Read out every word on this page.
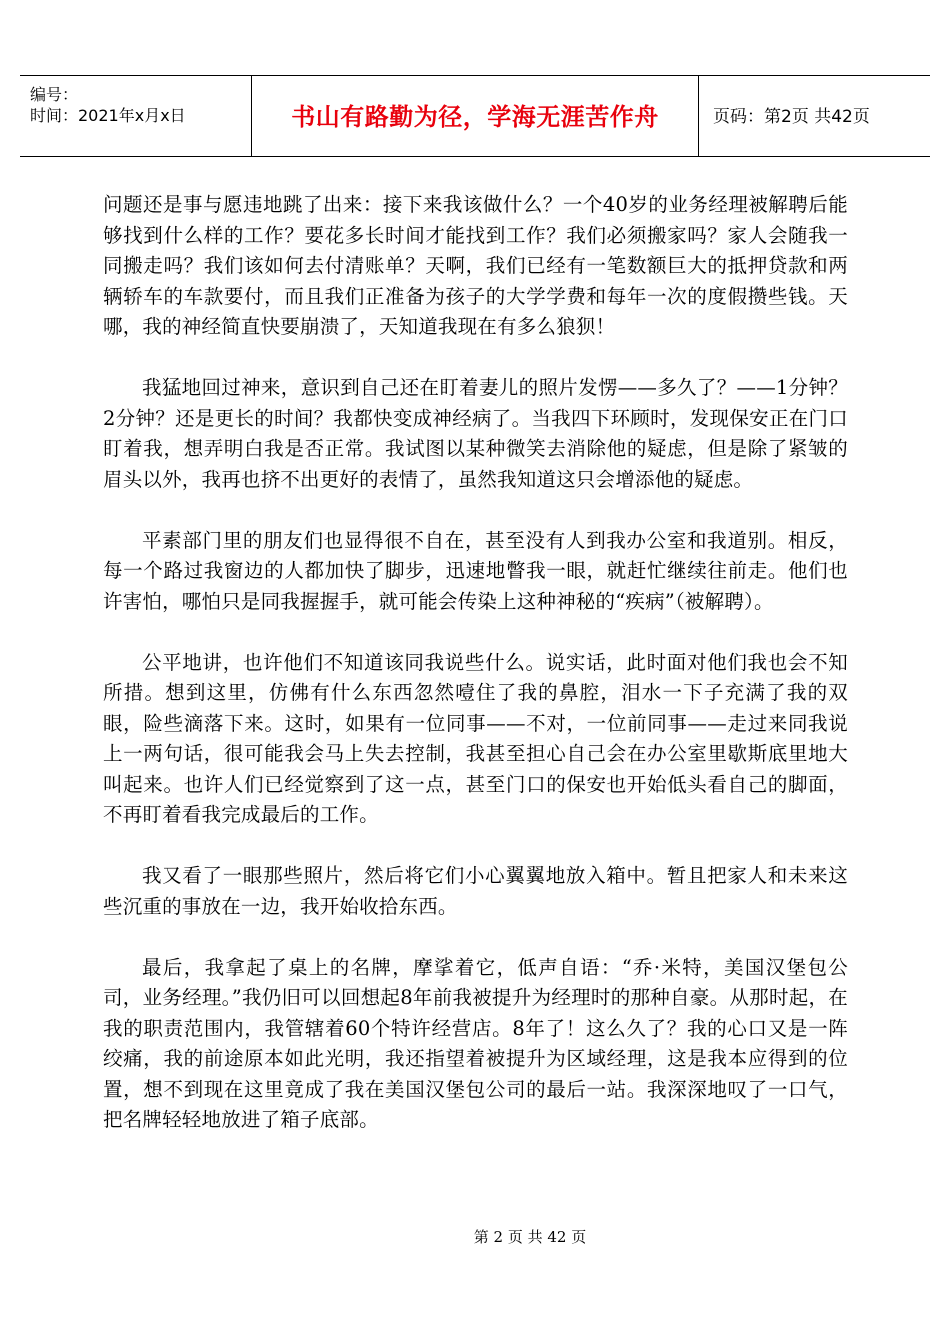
编号：
时间：2021年x月x日	书山有路勤为径，学海无涯苦作舟	页码：第2页 共42页

问题还是事与愿违地跳了出来：接下来我该做什么？一个40岁的业务经理被解聘后能够找到什么样的工作？要花多长时间才能找到工作？我们必须搬家吗？家人会随我一同搬走吗？我们该如何去付清账单？天啊，我们已经有一笔数额巨大的抵押贷款和两辆轿车的车款要付，而且我们正准备为孩子的大学学费和每年一次的度假攒些钱。天哪，我的神经简直快要崩溃了，天知道我现在有多么狼狈！

我猛地回过神来，意识到自己还在盯着妻儿的照片发愣——多久了？——1分钟？2分钟？还是更长的时间？我都快变成神经病了。当我四下环顾时，发现保安正在门口盯着我，想弄明白我是否正常。我试图以某种微笑去消除他的疑虑，但是除了紧皱的眉头以外，我再也挤不出更好的表情了，虽然我知道这只会增添他的疑虑。

平素部门里的朋友们也显得很不自在，甚至没有人到我办公室和我道别。相反，每一个路过我窗边的人都加快了脚步，迅速地瞥我一眼，就赶忙继续往前走。他们也许害怕，哪怕只是同我握握手，就可能会传染上这种神秘的“疾病”（被解聘）。

公平地讲，也许他们不知道该同我说些什么。说实话，此时面对他们我也会不知所措。想到这里，仿佛有什么东西忽然噎住了我的鼻腔，泪水一下子充满了我的双眼，险些滴落下来。这时，如果有一位同事——不对，一位前同事——走过来同我说上一两句话，很可能我会马上失去控制，我甚至担心自己会在办公室里歇斯底里地大叫起来。也许人们已经觉察到了这一点，甚至门口的保安也开始低头看自己的脚面，不再盯着看我完成最后的工作。

我又看了一眼那些照片，然后将它们小心翼翼地放入箱中。暂且把家人和未来这些沉重的事放在一边，我开始收拾东西。

最后，我拿起了桌上的名牌，摩挲着它，低声自语：“乔·米特，美国汉堡包公司，业务经理。”我仍旧可以回想起8年前我被提升为经理时的那种自豪。从那时起，在我的职责范围内，我管辖着60个特许经营店。8年了！这么久了？我的心口又是一阵绞痛，我的前途原本如此光明，我还指望着被提升为区域经理，这是我本应得到的位置，想不到现在这里竟成了我在美国汉堡包公司的最后一站。我深深地叹了一口气，把名牌轻轻地放进了箱子底部。

第 2 页 共 42 页
